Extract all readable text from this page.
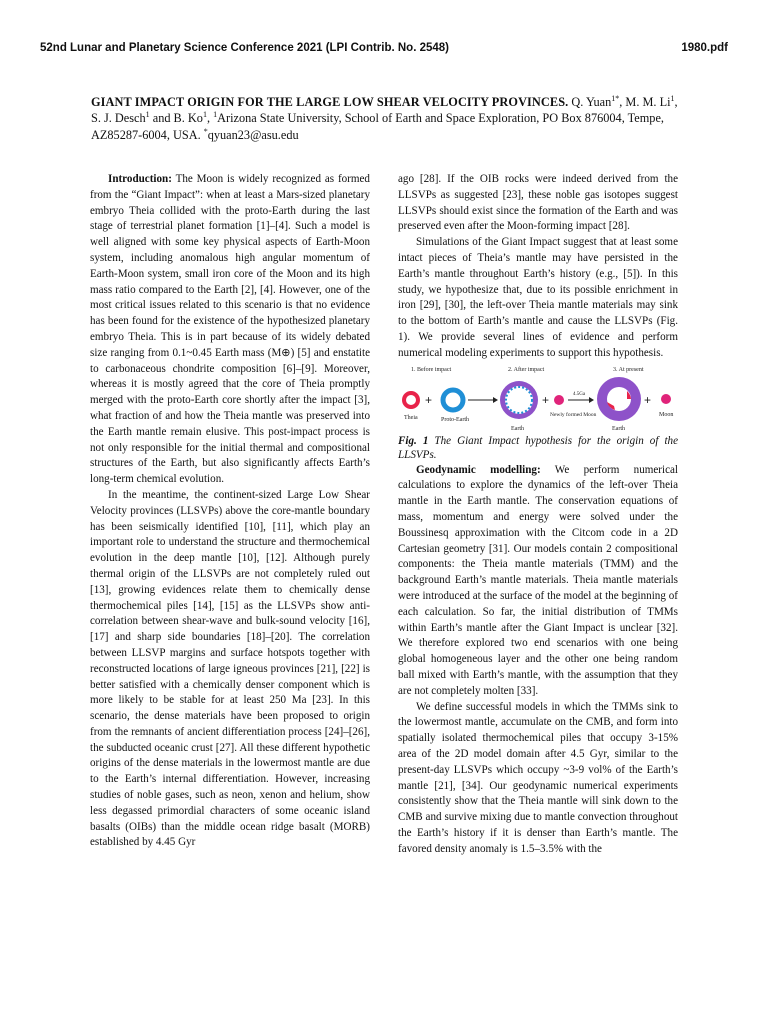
52nd Lunar and Planetary Science Conference 2021 (LPI Contrib. No. 2548)	1980.pdf
GIANT IMPACT ORIGIN FOR THE LARGE LOW SHEAR VELOCITY PROVINCES. Q. Yuan$^{1*}$, M. M. Li$^1$, S. J. Desch$^1$ and B. Ko$^1$, $^1$Arizona State University, School of Earth and Space Exploration, PO Box 876004, Tempe, AZ85287-6004, USA. *qyuan23@asu.edu

Introduction: The Moon is widely recognized as formed from the “Giant Impact”: when at least a Mars-sized planetary embryo Theia collided with the proto-Earth during the last stage of terrestrial planet formation [1]–[4]. Such a model is well aligned with some key physical aspects of Earth-Moon system, including anomalous high angular momentum of Earth-Moon system, small iron core of the Moon and its high mass ratio compared to the Earth [2], [4]. However, one of the most critical issues related to this scenario is that no evidence has been found for the existence of the hypothesized planetary embryo Theia. This is in part because of its widely debated size ranging from 0.1~0.45 Earth mass (M⊕) [5] and enstatite to carbonaceous chondrite composition [6]–[9]. Moreover, whereas it is mostly agreed that the core of Theia promptly merged with the proto-Earth core shortly after the impact [3], what fraction of and how the Theia mantle was preserved into the Earth mantle remain elusive. This post-impact process is not only responsible for the initial thermal and compositional structures of the Earth, but also significantly affects Earth’s long-term chemical evolution.

In the meantime, the continent-sized Large Low Shear Velocity provinces (LLSVPs) above the core-mantle boundary has been seismically identified [10], [11], which play an important role to understand the structure and thermochemical evolution in the deep mantle [10], [12]. Although purely thermal origin of the LLSVPs are not completely ruled out [13], growing evidences relate them to chemically dense thermochemical piles [14], [15] as the LLSVPs show anti-correlation between shear-wave and bulk-sound velocity [16], [17] and sharp side boundaries [18]–[20]. The correlation between LLSVP margins and surface hotspots together with reconstructed locations of large igneous provinces [21], [22] is better satisfied with a chemically denser component which is more likely to be stable for at least 250 Ma [23]. In this scenario, the dense materials have been proposed to origin from the remnants of ancient differentiation process [24]–[26], the subducted oceanic crust [27]. All these different hypothetic origins of the dense materials in the lowermost mantle are due to the Earth’s internal differentiation. However, increasing studies of noble gases, such as neon, xenon and helium, show less degassed primordial characters of some oceanic island basalts (OIBs) than the middle ocean ridge basalt (MORB) established by 4.45 Gyr

ago [28]. If the OIB rocks were indeed derived from the LLSVPs as suggested [23], these noble gas isotopes suggest LLSVPs should exist since the formation of the Earth and was preserved even after the Moon-forming impact [28].

Simulations of the Giant Impact suggest that at least some intact pieces of Theia’s mantle may have persisted in the Earth’s mantle throughout Earth’s history (e.g., [5]). In this study, we hypothesize that, due to its possible enrichment in iron [29], [30], the left-over Theia mantle materials may sink to the bottom of Earth’s mantle and cause the LLSVPs (Fig. 1). We provide several lines of evidence and perform numerical modeling experiments to support this hypothesis.

1. Before impact	2. After impact	3. At present
Theia
+
Proto-Earth
Earth
+
Newly formed Moon
4.5Ga
Earth
+
Moon

Fig. 1 The Giant Impact hypothesis for the origin of the LLSVPs.

Geodynamic modelling: We perform numerical calculations to explore the dynamics of the left-over Theia mantle in the Earth mantle. The conservation equations of mass, momentum and energy were solved under the Boussinesq approximation with the Citcom code in a 2D Cartesian geometry [31]. Our models contain 2 compositional components: the Theia mantle materials (TMM) and the background Earth’s mantle materials. Theia mantle materials were introduced at the surface of the model at the beginning of each calculation. So far, the initial distribution of TMMs within Earth’s mantle after the Giant Impact is unclear [32]. We therefore explored two end scenarios with one being global homogeneous layer and the other one being random ball mixed with Earth’s mantle, with the assumption that they are not completely molten [33].

We define successful models in which the TMMs sink to the lowermost mantle, accumulate on the CMB, and form into spatially isolated thermochemical piles that occupy 3-15% area of the 2D model domain after 4.5 Gyr, similar to the present-day LLSVPs which occupy ~3-9 vol% of the Earth’s mantle [21], [34]. Our geodynamic numerical experiments consistently show that the Theia mantle will sink down to the CMB and survive mixing due to mantle convection throughout the Earth’s history if it is denser than Earth’s mantle. The favored density anomaly is 1.5–3.5% with the
